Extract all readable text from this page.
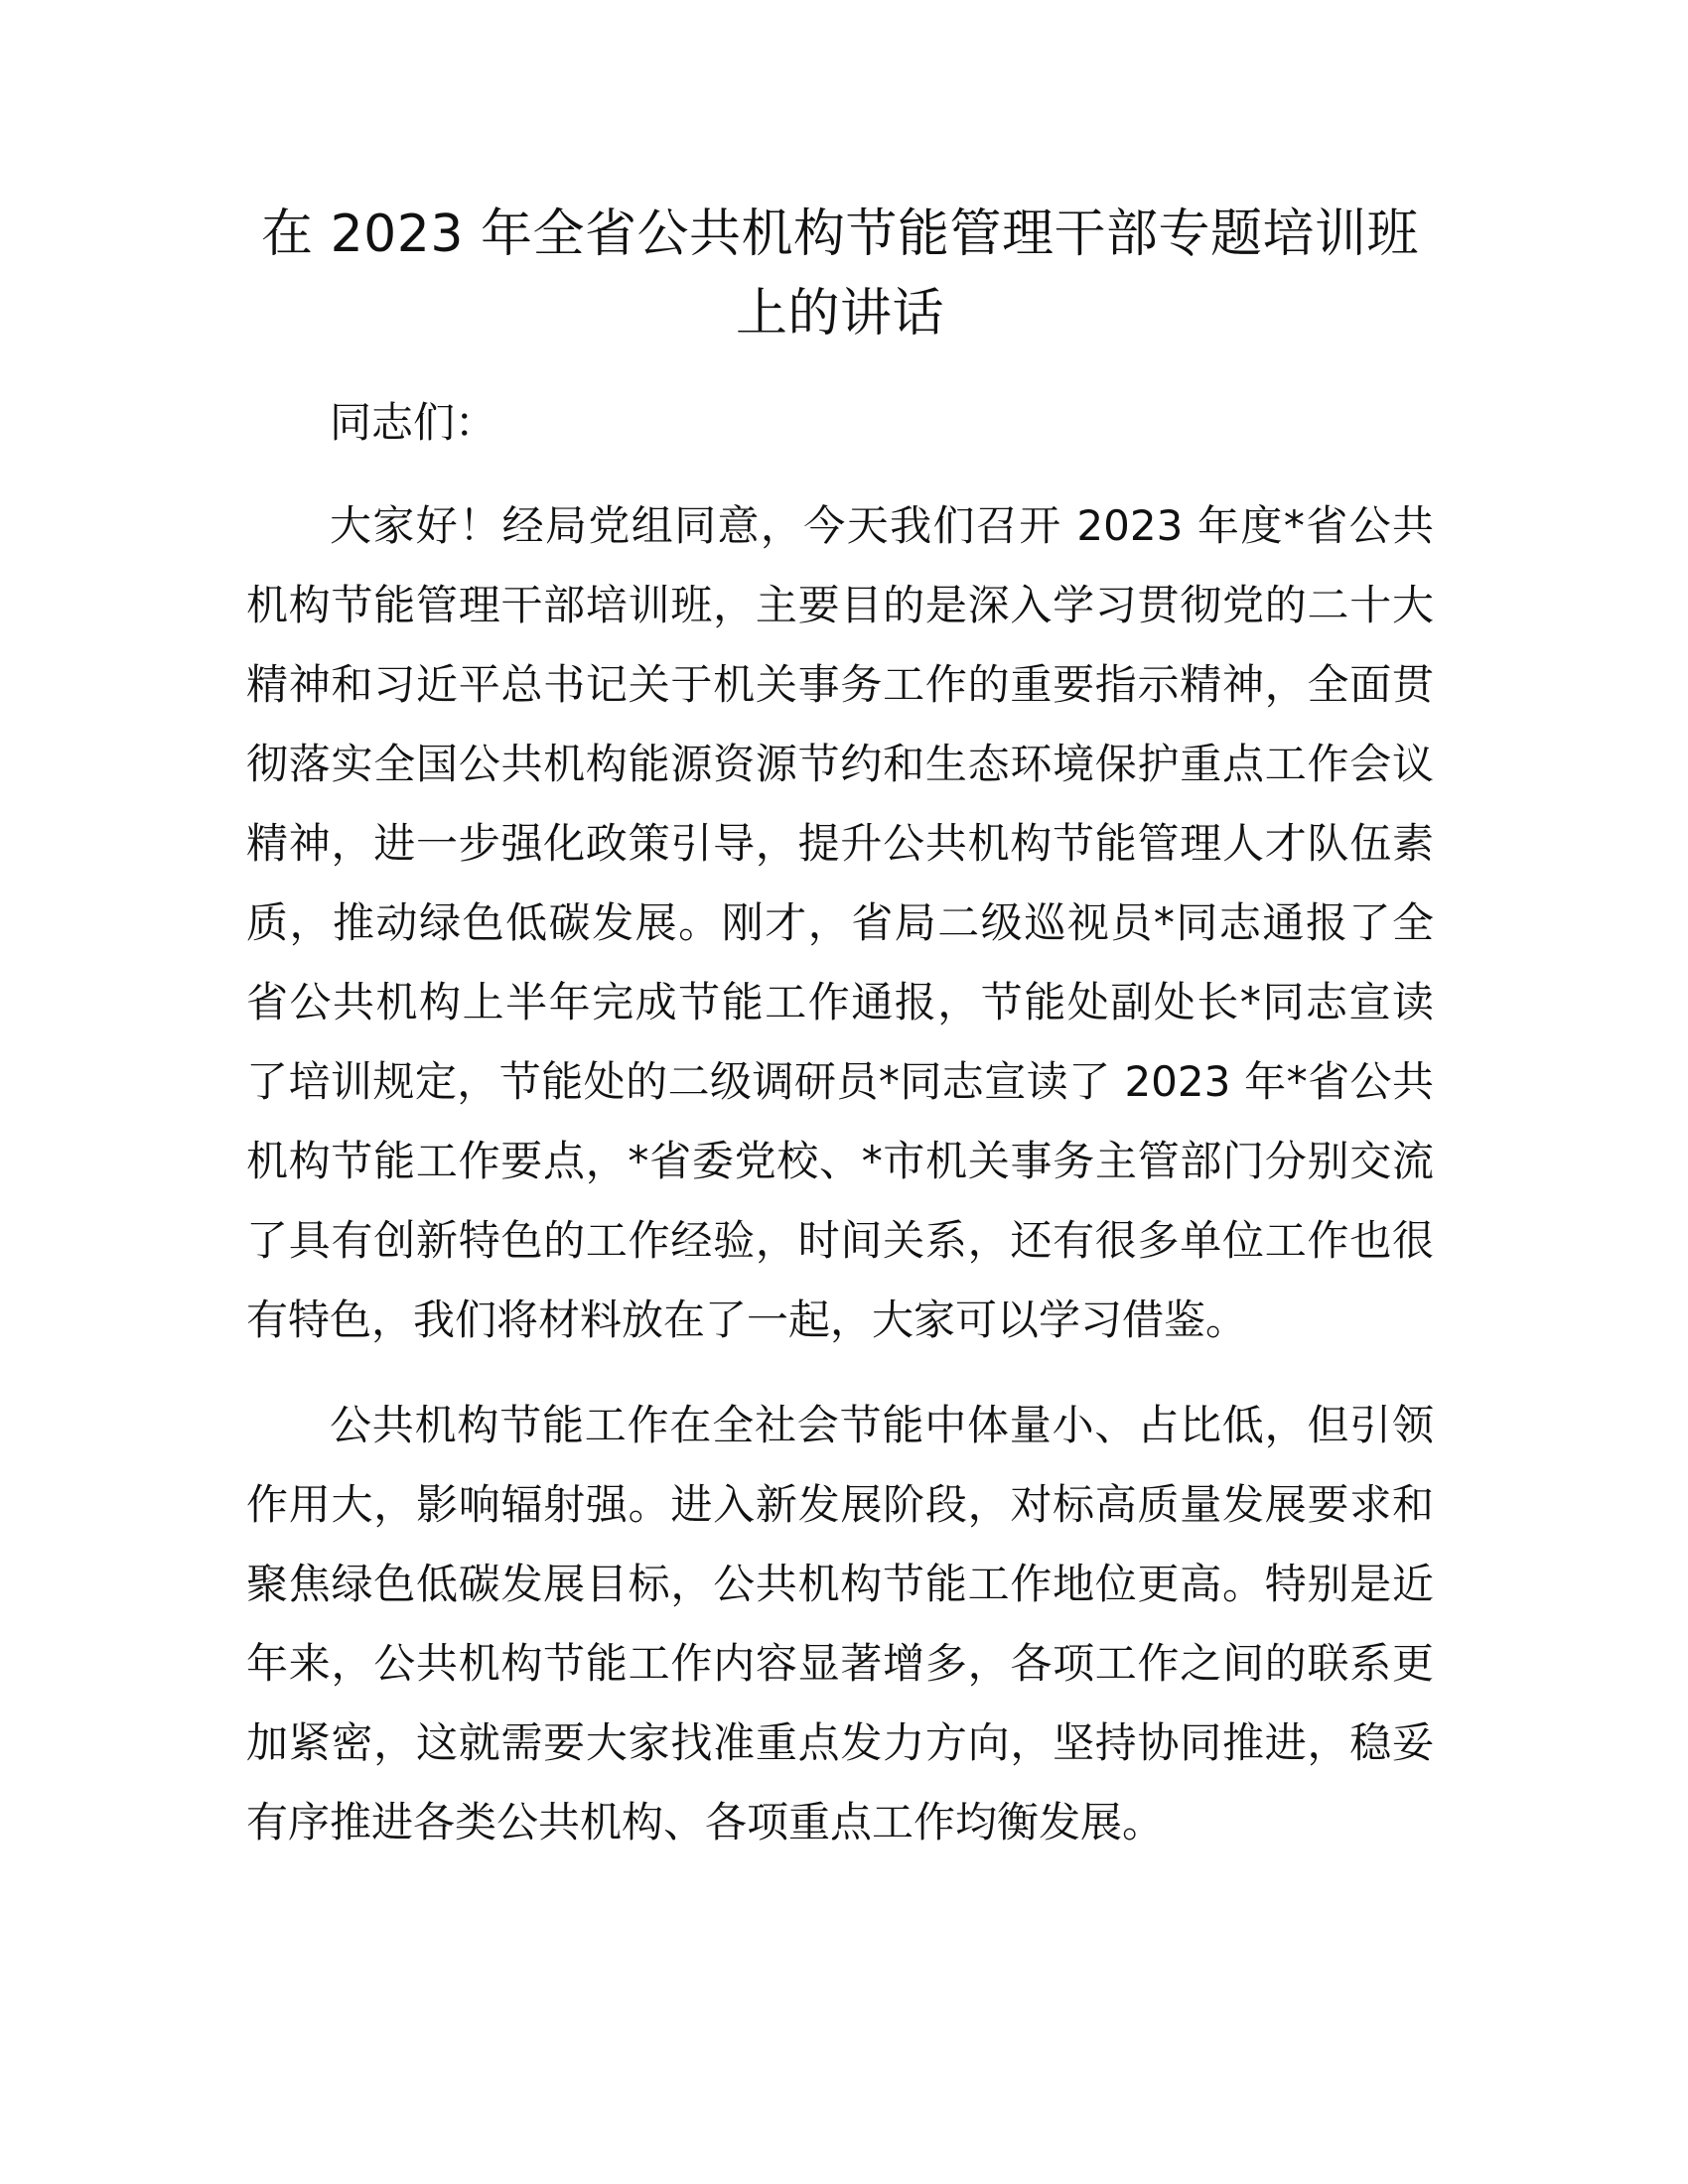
在 2023 年全省公共机构节能管理干部专题培训班上的讲话

同志们：

大家好！经局党组同意，今天我们召开 2023 年度*省公共机构节能管理干部培训班，主要目的是深入学习贯彻党的二十大精神和习近平总书记关于机关事务工作的重要指示精神，全面贯彻落实全国公共机构能源资源节约和生态环境保护重点工作会议精神，进一步强化政策引导，提升公共机构节能管理人才队伍素质，推动绿色低碳发展。刚才，省局二级巡视员*同志通报了全省公共机构上半年完成节能工作通报，节能处副处长*同志宣读了培训规定，节能处的二级调研员*同志宣读了 2023 年*省公共机构节能工作要点，*省委党校、*市机关事务主管部门分别交流了具有创新特色的工作经验，时间关系，还有很多单位工作也很有特色，我们将材料放在了一起，大家可以学习借鉴。

公共机构节能工作在全社会节能中体量小、占比低，但引领作用大，影响辐射强。进入新发展阶段，对标高质量发展要求和聚焦绿色低碳发展目标，公共机构节能工作地位更高。特别是近年来，公共机构节能工作内容显著增多，各项工作之间的联系更加紧密，这就需要大家找准重点发力方向，坚持协同推进，稳妥有序推进各类公共机构、各项重点工作均衡发展。
